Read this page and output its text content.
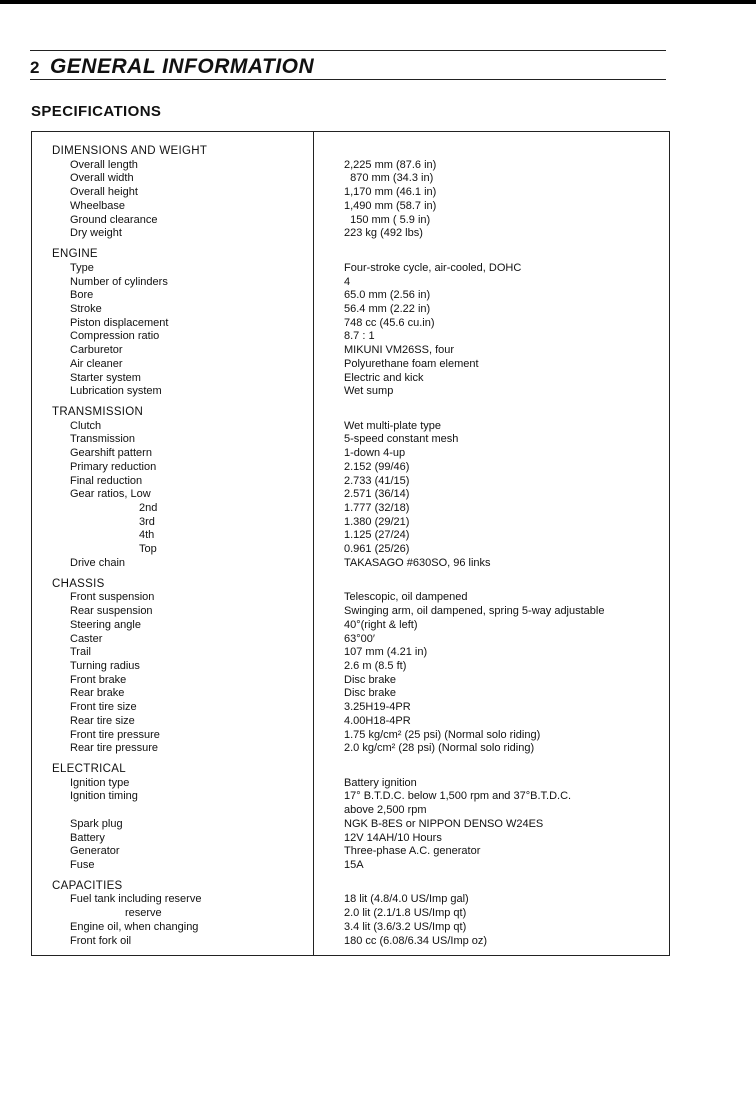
2 GENERAL INFORMATION
SPECIFICATIONS
DIMENSIONS AND WEIGHT
Overall length	2,225 mm (87.6 in)
Overall width	870 mm (34.3 in)
Overall height	1,170 mm (46.1 in)
Wheelbase	1,490 mm (58.7 in)
Ground clearance	150 mm ( 5.9 in)
Dry weight	223 kg (492 lbs)
ENGINE
Type	Four-stroke cycle, air-cooled, DOHC
Number of cylinders	4
Bore	65.0 mm (2.56 in)
Stroke	56.4 mm (2.22 in)
Piston displacement	748 cc (45.6 cu.in)
Compression ratio	8.7 : 1
Carburetor	MIKUNI VM26SS, four
Air cleaner	Polyurethane foam element
Starter system	Electric and kick
Lubrication system	Wet sump
TRANSMISSION
Clutch	Wet multi-plate type
Transmission	5-speed constant mesh
Gearshift pattern	1-down 4-up
Primary reduction	2.152 (99/46)
Final reduction	2.733 (41/15)
Gear ratios, Low	2.571 (36/14)
2nd	1.777 (32/18)
3rd	1.380 (29/21)
4th	1.125 (27/24)
Top	0.961 (25/26)
Drive chain	TAKASAGO #630SO, 96 links
CHASSIS
Front suspension	Telescopic, oil dampened
Rear suspension	Swinging arm, oil dampened, spring 5-way adjustable
Steering angle	40°(right & left)
Caster	63°00′
Trail	107 mm (4.21 in)
Turning radius	2.6 m (8.5 ft)
Front brake	Disc brake
Rear brake	Disc brake
Front tire size	3.25H19-4PR
Rear tire size	4.00H18-4PR
Front tire pressure	1.75 kg/cm² (25 psi) (Normal solo riding)
Rear tire pressure	2.0 kg/cm² (28 psi) (Normal solo riding)
ELECTRICAL
Ignition type	Battery ignition
Ignition timing	17° B.T.D.C. below 1,500 rpm and 37°B.T.D.C.
above 2,500 rpm
Spark plug	NGK B-8ES or NIPPON DENSO W24ES
Battery	12V 14AH/10 Hours
Generator	Three-phase A.C. generator
Fuse	15A
CAPACITIES
Fuel tank including reserve	18 lit (4.8/4.0 US/Imp gal)
reserve	2.0 lit (2.1/1.8 US/Imp qt)
Engine oil, when changing	3.4 lit (3.6/3.2 US/Imp qt)
Front fork oil	180 cc (6.08/6.34 US/Imp oz)
